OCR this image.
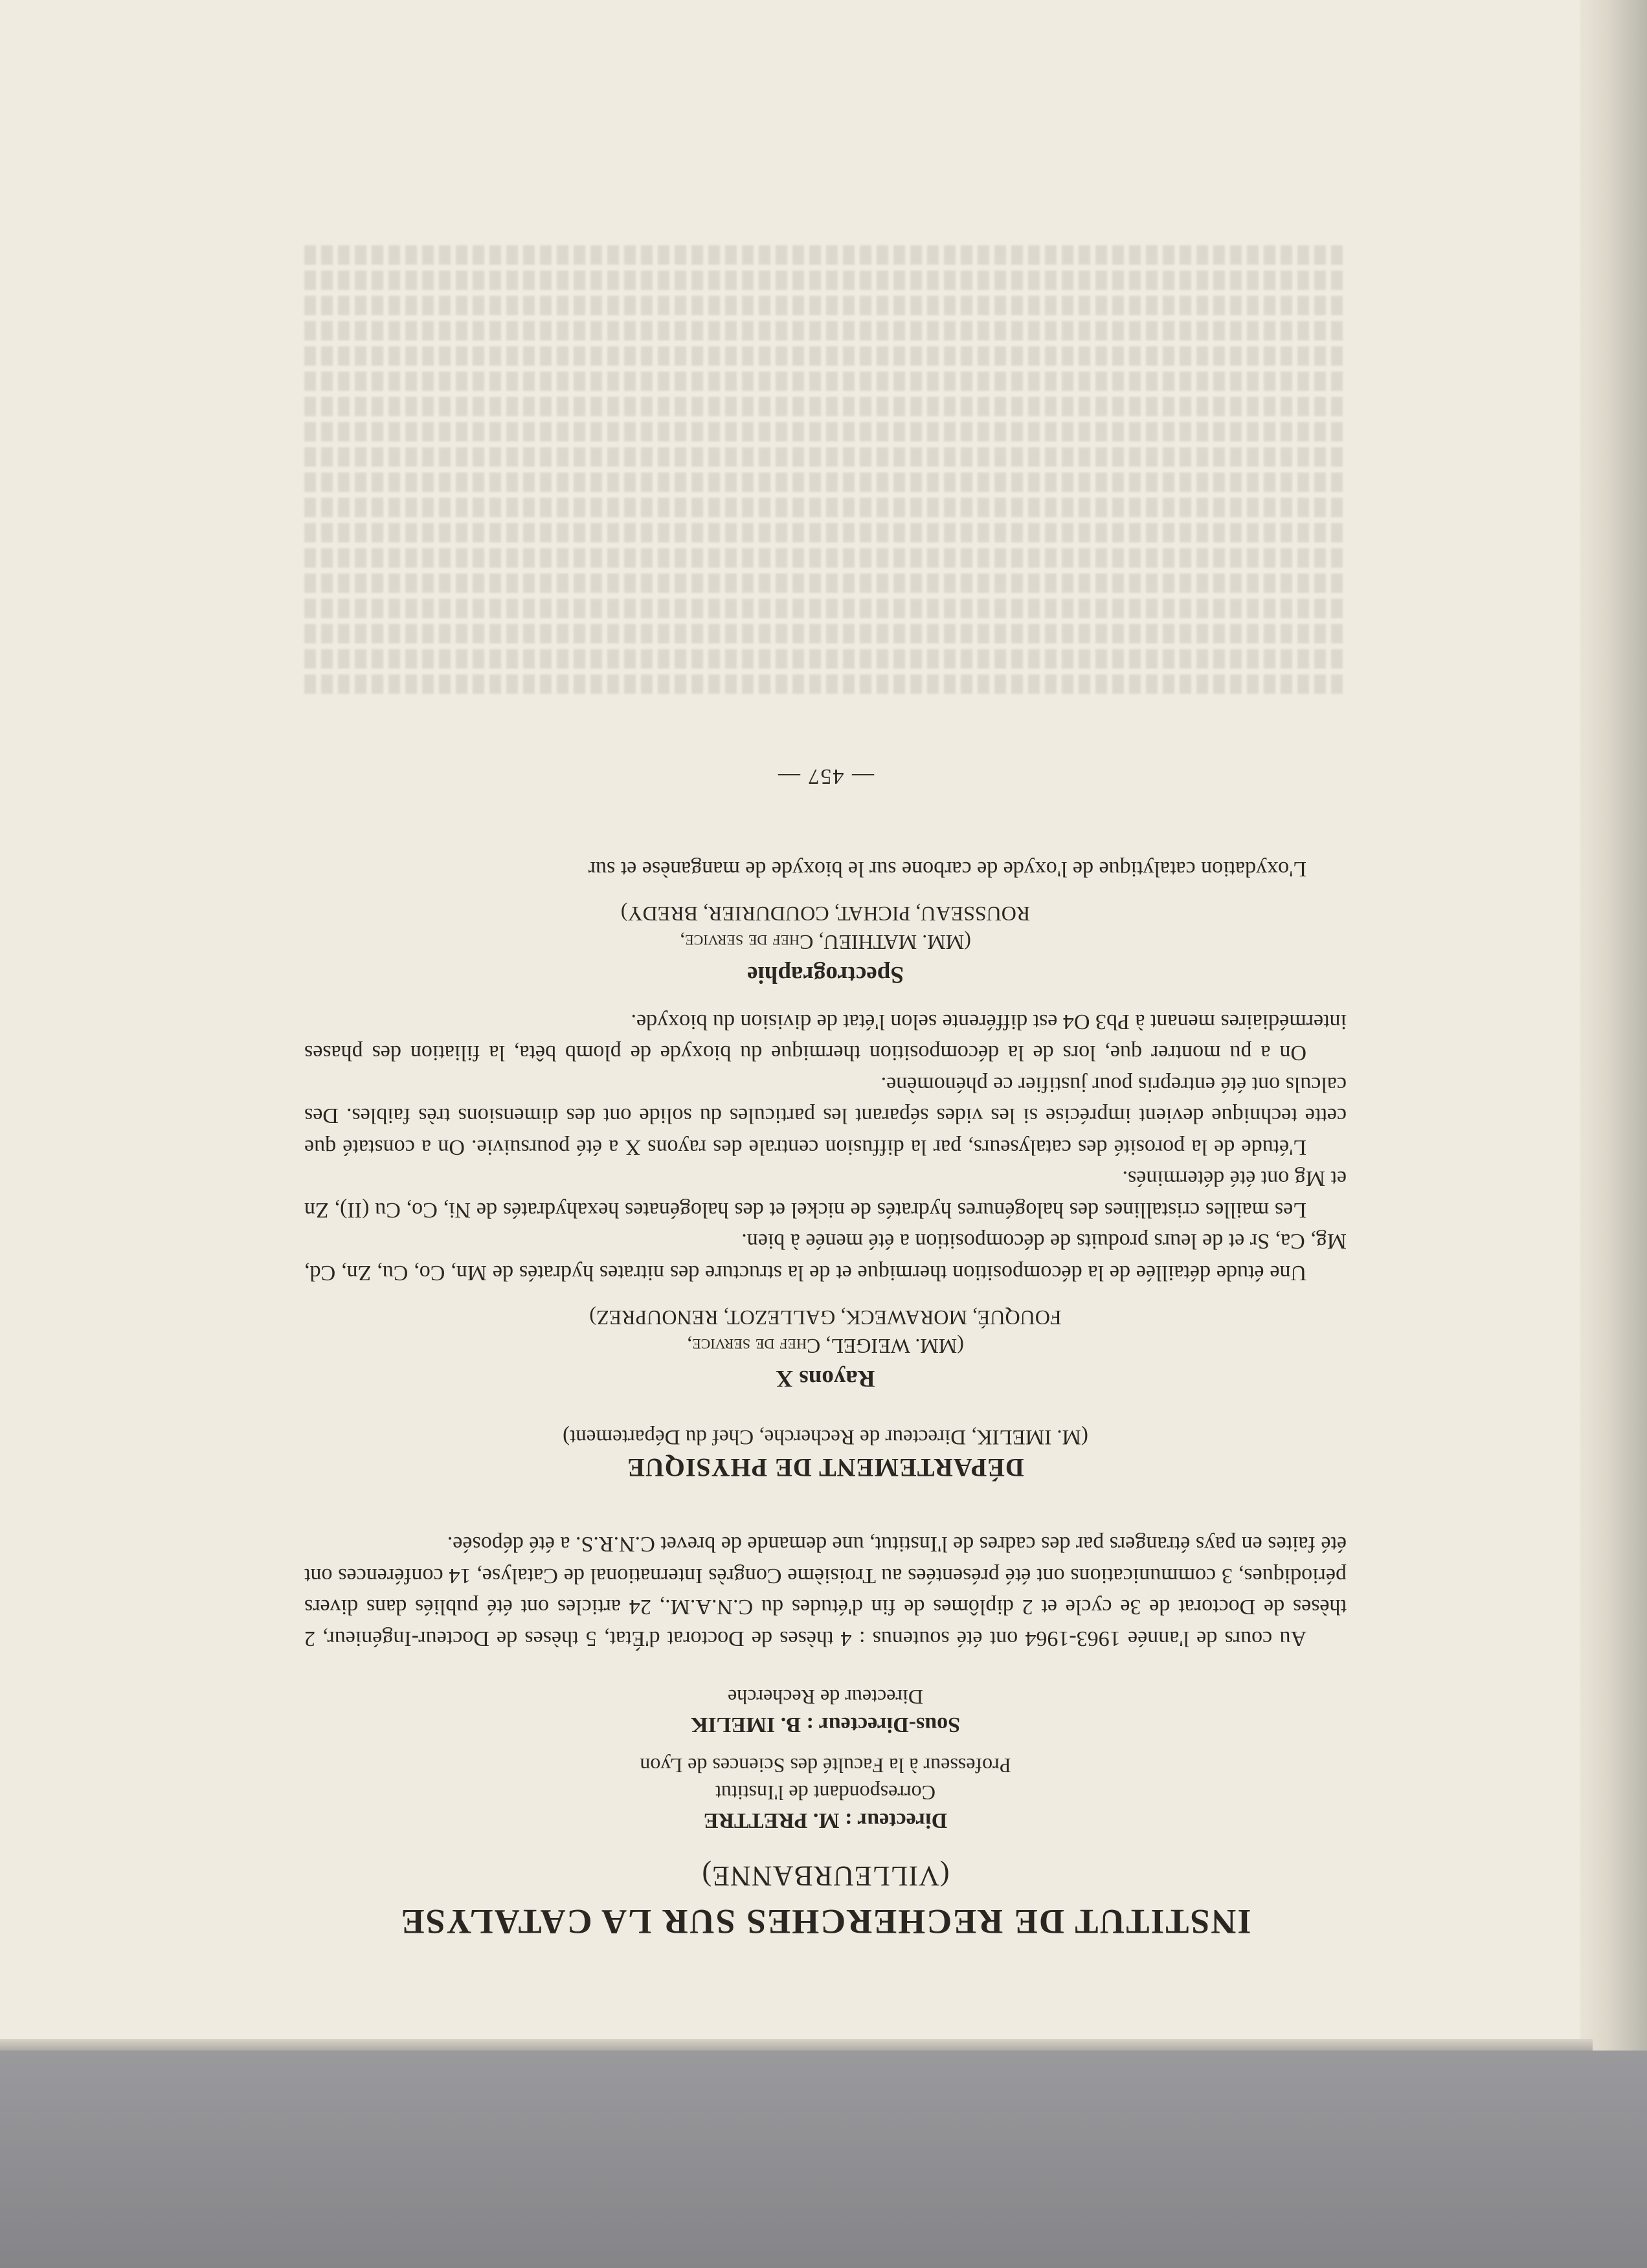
INSTITUT DE RECHERCHES SUR LA CATALYSE
(VILLEURBANNE)
Directeur : M. PRETTRE
Correspondant de l'Institut
Professeur à la Faculté des Sciences de Lyon
Sous-Directeur : B. IMELIK
Directeur de Recherche

Au cours de l'année 1963-1964 ont été soutenus : 4 thèses de Doctorat d'État, 5 thèses de Docteur-Ingénieur, 2 thèses de Doctorat de 3e cycle et 2 diplômes de fin d'études du C.N.A.M., 24 articles ont été publiés dans divers périodiques, 3 communications ont été présentées au Troisième Congrès International de Catalyse, 14 conférences ont été faites en pays étrangers par des cadres de l'Institut, une demande de brevet C.N.R.S. a été déposée.

DÉPARTEMENT DE PHYSIQUE
(M. IMELIK, Directeur de Recherche, Chef du Département)
Rayons X
(MM. WEIGEL, Chef de service,
FOUQUÉ, MORAWECK, GALLEZOT, RENOUPREZ)

Une étude détaillée de la décomposition thermique et de la structure des nitrates hydratés de Mn, Co, Cu, Zn, Cd, Mg, Ca, Sr et de leurs produits de décomposition a été menée à bien.

Les mailles cristallines des halogénures hydratés de nickel et des halogénates hexahydratés de Ni, Co, Cu (II), Zn et Mg ont été déterminés.

L'étude de la porosité des catalyseurs, par la diffusion centrale des rayons X a été poursuivie. On a constaté que cette technique devient imprécise si les vides séparant les particules du solide ont des dimensions très faibles. Des calculs ont été entrepris pour justifier ce phénomène.

On a pu montrer que, lors de la décomposition thermique du bioxyde de plomb bêta, la filiation des phases intermédiaires menant à Pb3 O4 est différente selon l'état de division du bioxyde.

Spectrographie
(MM. MATHIEU, Chef de service,
ROUSSEAU, PICHAT, COUDURIER, BREDY)

L'oxydation catalytique de l'oxyde de carbone sur le bioxyde de manganèse et sur

— 457 —
